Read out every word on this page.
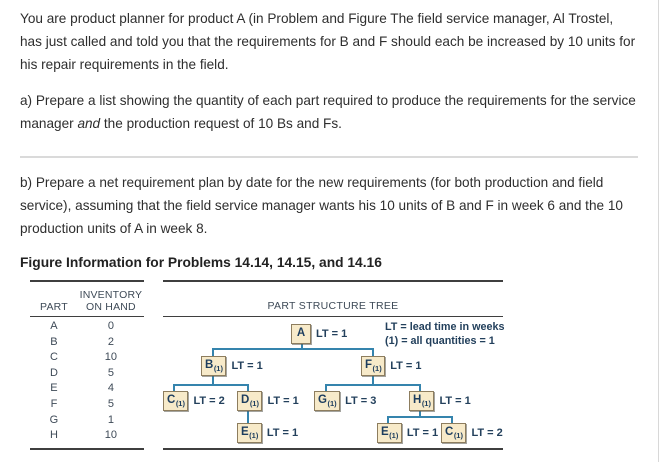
You are product planner for product A (in Problem and Figure The field service manager, Al Trostel, has just called and told you that the requirements for B and F should each be increased by 10 units for his repair requirements in the field.

a) Prepare a list showing the quantity of each part required to produce the requirements for the service manager and the production request of 10 Bs and Fs.

b) Prepare a net requirement plan by date for the new requirements (for both production and field service), assuming that the field service manager wants his 10 units of B and F in week 6 and the 10 production units of A in week 8.

Figure Information for Problems 14.14, 14.15, and 14.16

PART
INVENTORY
ON HAND
A	0
B	2
C	10
D	5
E	4
F	5
G	1
H	10
PART STRUCTURE TREE
LT = lead time in weeks
(1) = all quantities = 1
A LT = 1
$B_{(1)}$ LT = 1	$F_{(1)}$ LT = 1
$C_{(1)}$ LT = 2 $D_{(1)}$ LT = 1 $G_{(1)}$ LT = 3	$H_{(1)}$ LT = 1
$E_{(1)}$ LT = 1	$E_{(1)}$ LT = 1 $C_{(1)}$ LT = 2
